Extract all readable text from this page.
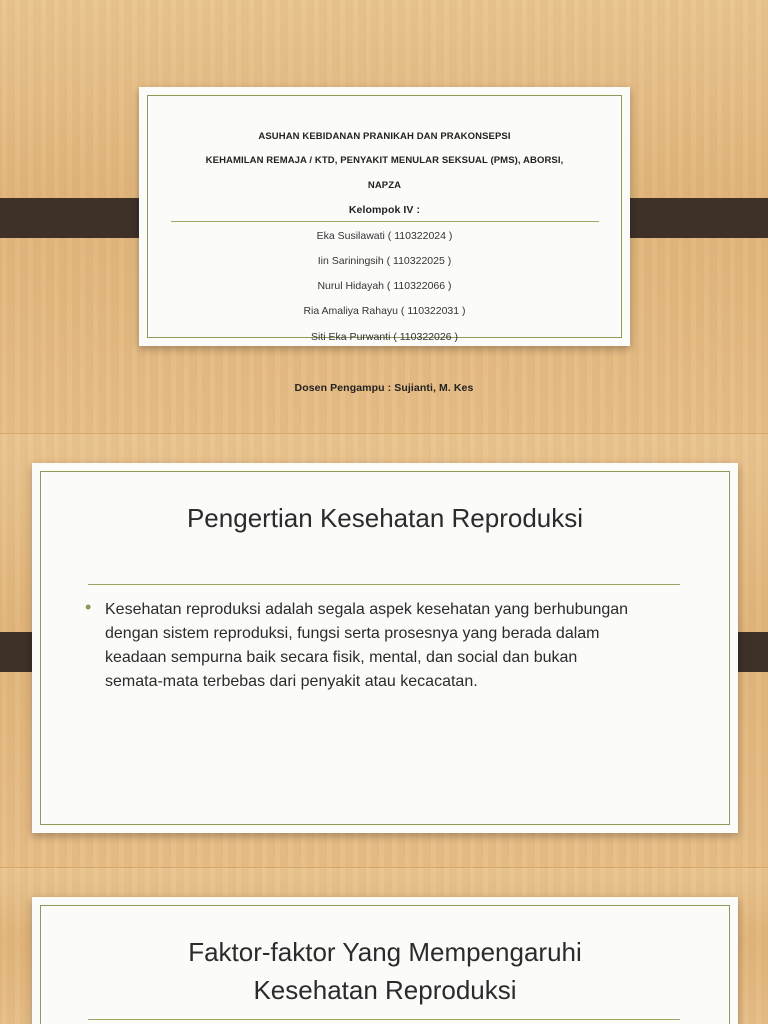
ASUHAN KEBIDANAN PRANIKAH DAN PRAKONSEPSI
KEHAMILAN REMAJA / KTD, PENYAKIT MENULAR SEKSUAL (PMS), ABORSI,
NAPZA
Kelompok IV :
Eka Susilawati ( 110322024 )
Iin Sariningsih ( 110322025 )
Nurul Hidayah ( 110322066 )
Ria Amaliya Rahayu ( 110322031 )
Siti Eka Purwanti ( 110322026 )
Dosen Pengampu : Sujianti, M. Kes
Pengertian Kesehatan Reproduksi
• Kesehatan reproduksi adalah segala aspek kesehatan yang berhubungan
dengan sistem reproduksi, fungsi serta prosesnya yang berada dalam
keadaan sempurna baik secara fisik, mental, dan social dan bukan
semata-mata terbebas dari penyakit atau kecacatan.
Faktor-faktor Yang Mempengaruhi
Kesehatan Reproduksi
